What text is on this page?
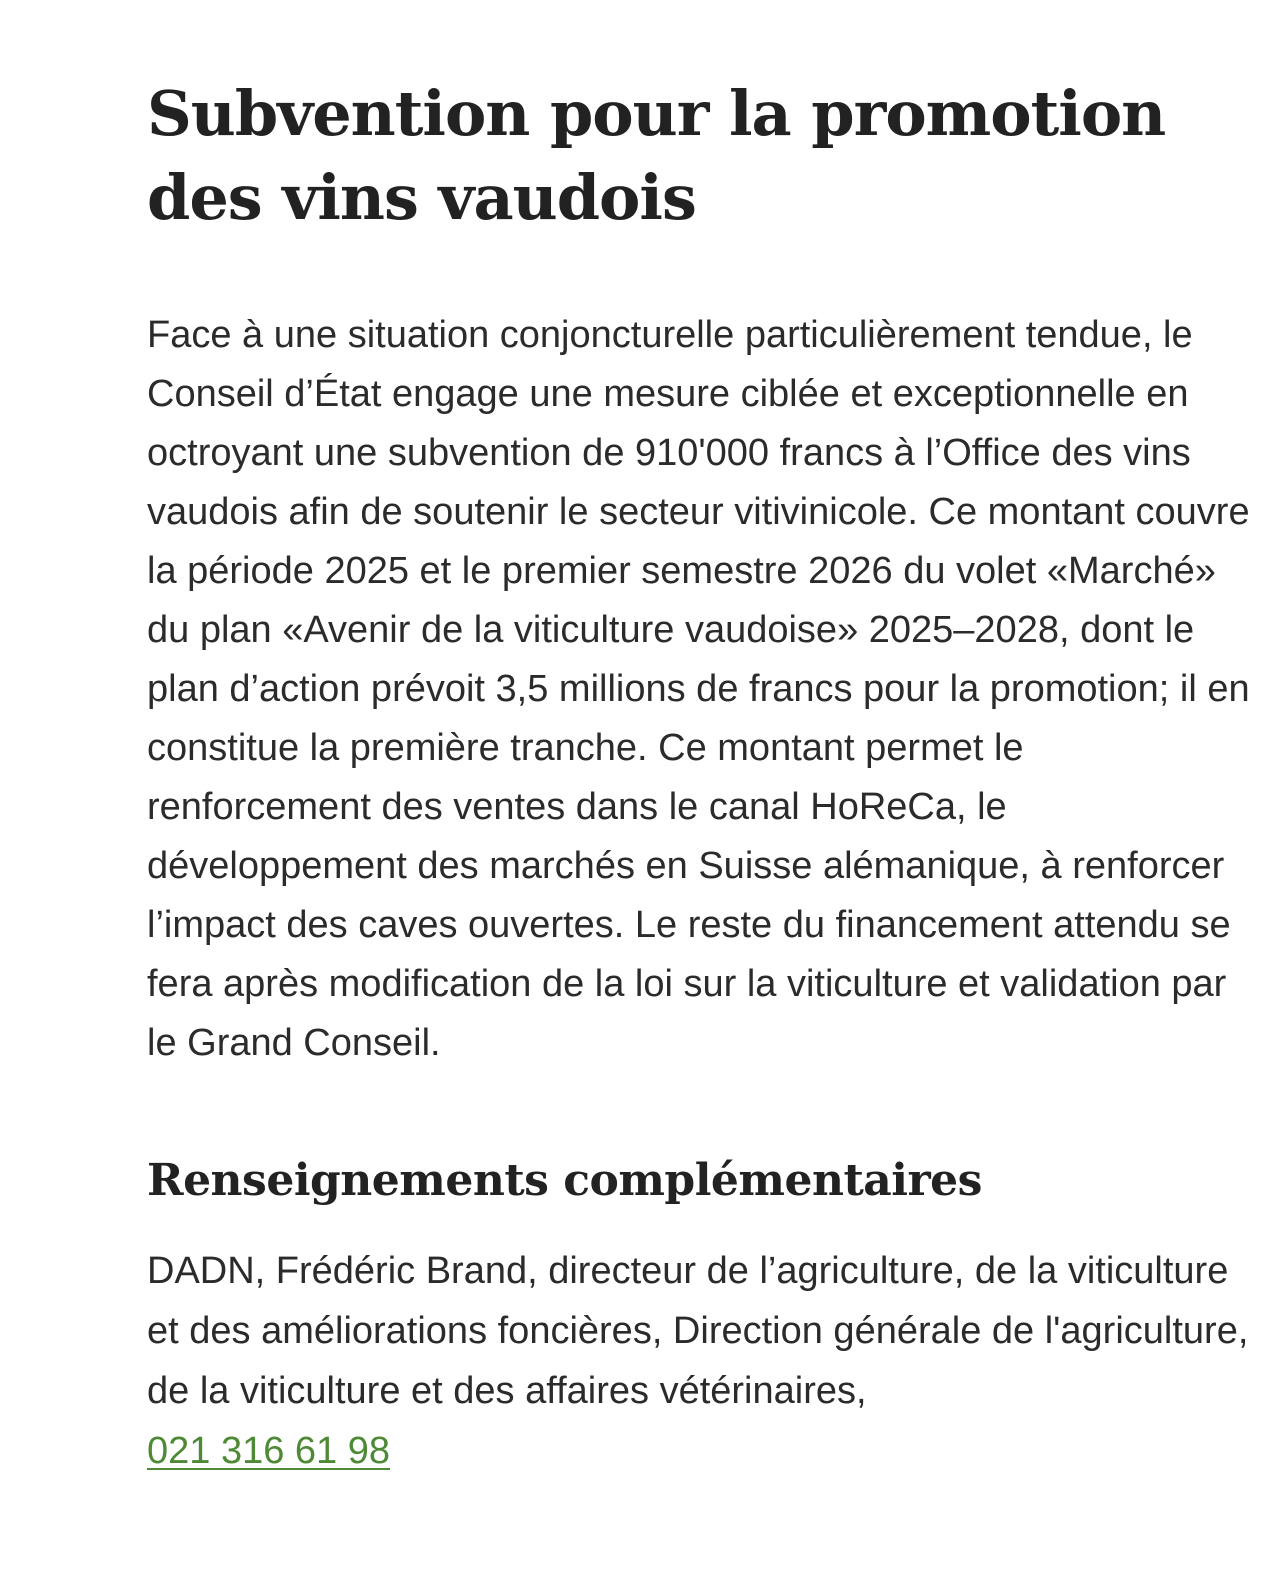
Subvention pour la promotion des vins vaudois

Face à une situation conjoncturelle particulièrement tendue, le Conseil d’État engage une mesure ciblée et exceptionnelle en octroyant une subvention de 910'000 francs à l’Office des vins vaudois afin de soutenir le secteur vitivinicole. Ce montant couvre la période 2025 et le premier semestre 2026 du volet «Marché» du plan «Avenir de la viticulture vaudoise» 2025–2028, dont le plan d’action prévoit 3,5 millions de francs pour la promotion; il en constitue la première tranche. Ce montant permet le renforcement des ventes dans le canal HoReCa, le développement des marchés en Suisse alémanique, à renforcer l’impact des caves ouvertes. Le reste du financement attendu se fera après modification de la loi sur la viticulture et validation par le Grand Conseil.

Renseignements complémentaires

DADN, Frédéric Brand, directeur de l’agriculture, de la viticulture et des améliorations foncières, Direction générale de l'agriculture, de la viticulture et des affaires vétérinaires,
021 316 61 98
